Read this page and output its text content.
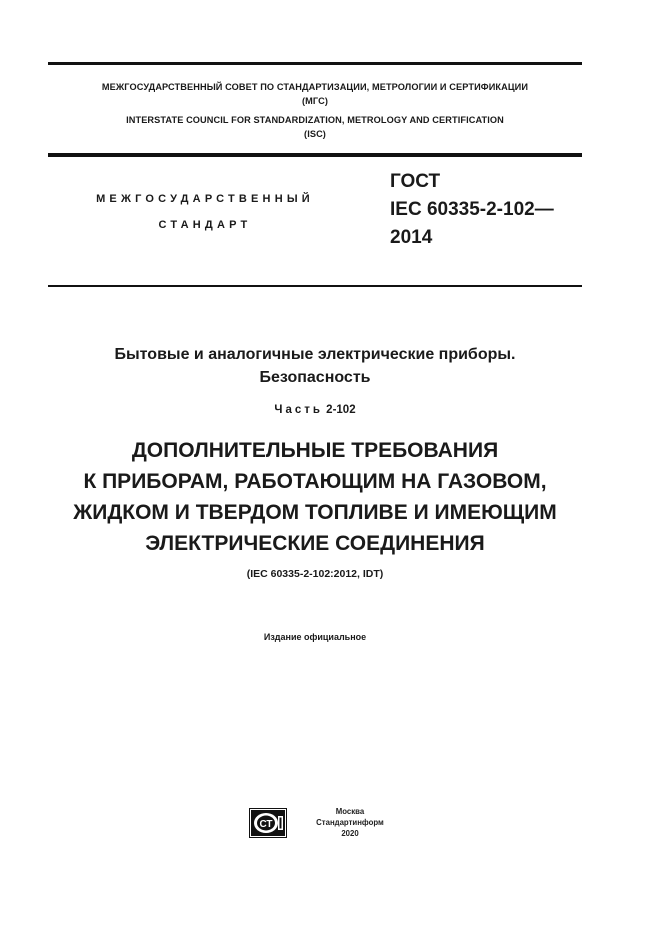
МЕЖГОСУДАРСТВЕННЫЙ СОВЕТ ПО СТАНДАРТИЗАЦИИ, МЕТРОЛОГИИ И СЕРТИФИКАЦИИ
(МГС)
INTERSTATE COUNCIL FOR STANDARDIZATION, METROLOGY AND CERTIFICATION
(ISC)
МЕЖГОСУДАРСТВЕННЫЙ
СТАНДАРТ
ГОСТ
IEC 60335-2-102—
2014
Бытовые и аналогичные электрические приборы.
Безопасность
Часть 2-102
ДОПОЛНИТЕЛЬНЫЕ ТРЕБОВАНИЯ
К ПРИБОРАМ, РАБОТАЮЩИМ НА ГАЗОВОМ,
ЖИДКОМ И ТВЕРДОМ ТОПЛИВЕ И ИМЕЮЩИМ
ЭЛЕКТРИЧЕСКИЕ СОЕДИНЕНИЯ
(IEC 60335-2-102:2012, IDT)
Издание официальное
СТ
Москва
Стандартинформ
2020
